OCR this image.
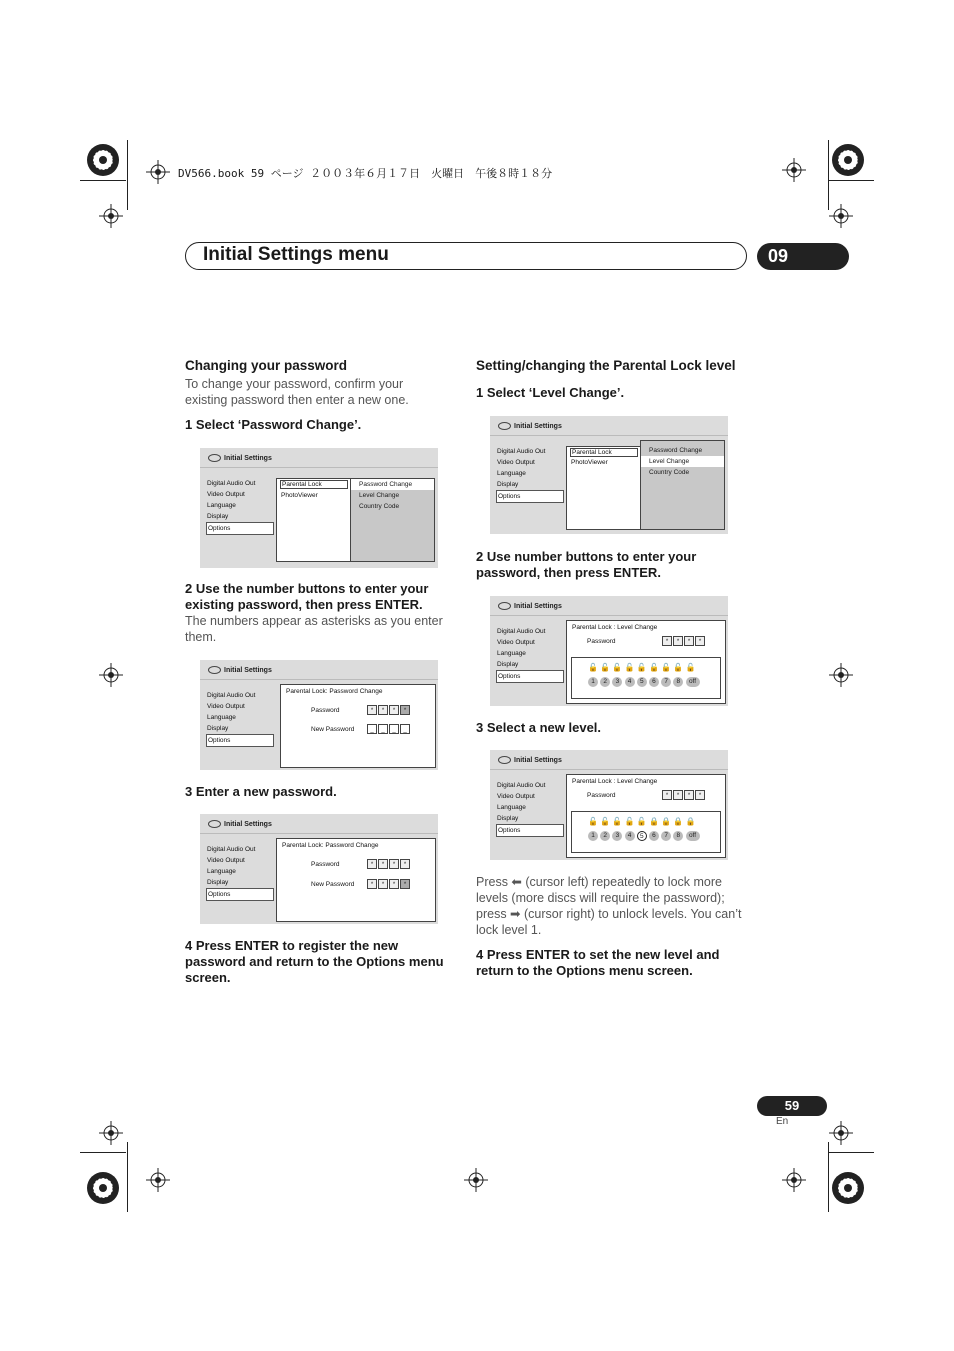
DV566.book 59 ページ ２００３年６月１７日　火曜日　午後８時１８分
Initial Settings menu	09
Changing your password
To change your password, confirm your existing password then enter a new one.
1 Select ‘Password Change’.
Initial Settings
Digital Audio Out
Video Output
Language
Display
Options
Parental Lock
PhotoViewer
Password Change
Level Change
Country Code
2 Use the number buttons to enter your existing password, then press ENTER.
The numbers appear as asterisks as you enter them.
Initial Settings
Digital Audio Out
Video Output
Language
Display
Options
Parental Lock: Password Change
Password	*	*	*	*
New Password	_	_	_	_
3 Enter a new password.
Initial Settings
Digital Audio Out
Video Output
Language
Display
Options
Parental Lock: Password Change
Password	*	*	*	*
New Password	*	*	*	*
4 Press ENTER to register the new password and return to the Options menu screen.
Setting/changing the Parental Lock level
1 Select ‘Level Change’.
Initial Settings
Digital Audio Out
Video Output
Language
Display
Options
Parental Lock
PhotoViewer
Password Change
Level Change
Country Code
2 Use number buttons to enter your password, then press ENTER.
Initial Settings
Digital Audio Out
Video Output
Language
Display
Options
Parental Lock : Level Change
Password	*	*	*	*
🔓 🔓 🔓 🔓 🔓 🔓 🔓 🔓 🔓
1	2	3	4	5	6	7	8	off
3 Select a new level.
Initial Settings
Digital Audio Out
Video Output
Language
Display
Options
Parental Lock : Level Change
Password	*	*	*	*
🔓 🔓 🔓 🔓 🔓 🔒 🔒 🔒 🔒
1	2	3	4	5	6	7	8	off
Press ⬅ (cursor left) repeatedly to lock more levels (more discs will require the password); press ➡ (cursor right) to unlock levels. You can’t lock level 1.
4 Press ENTER to set the new level and return to the Options menu screen.
59
En
